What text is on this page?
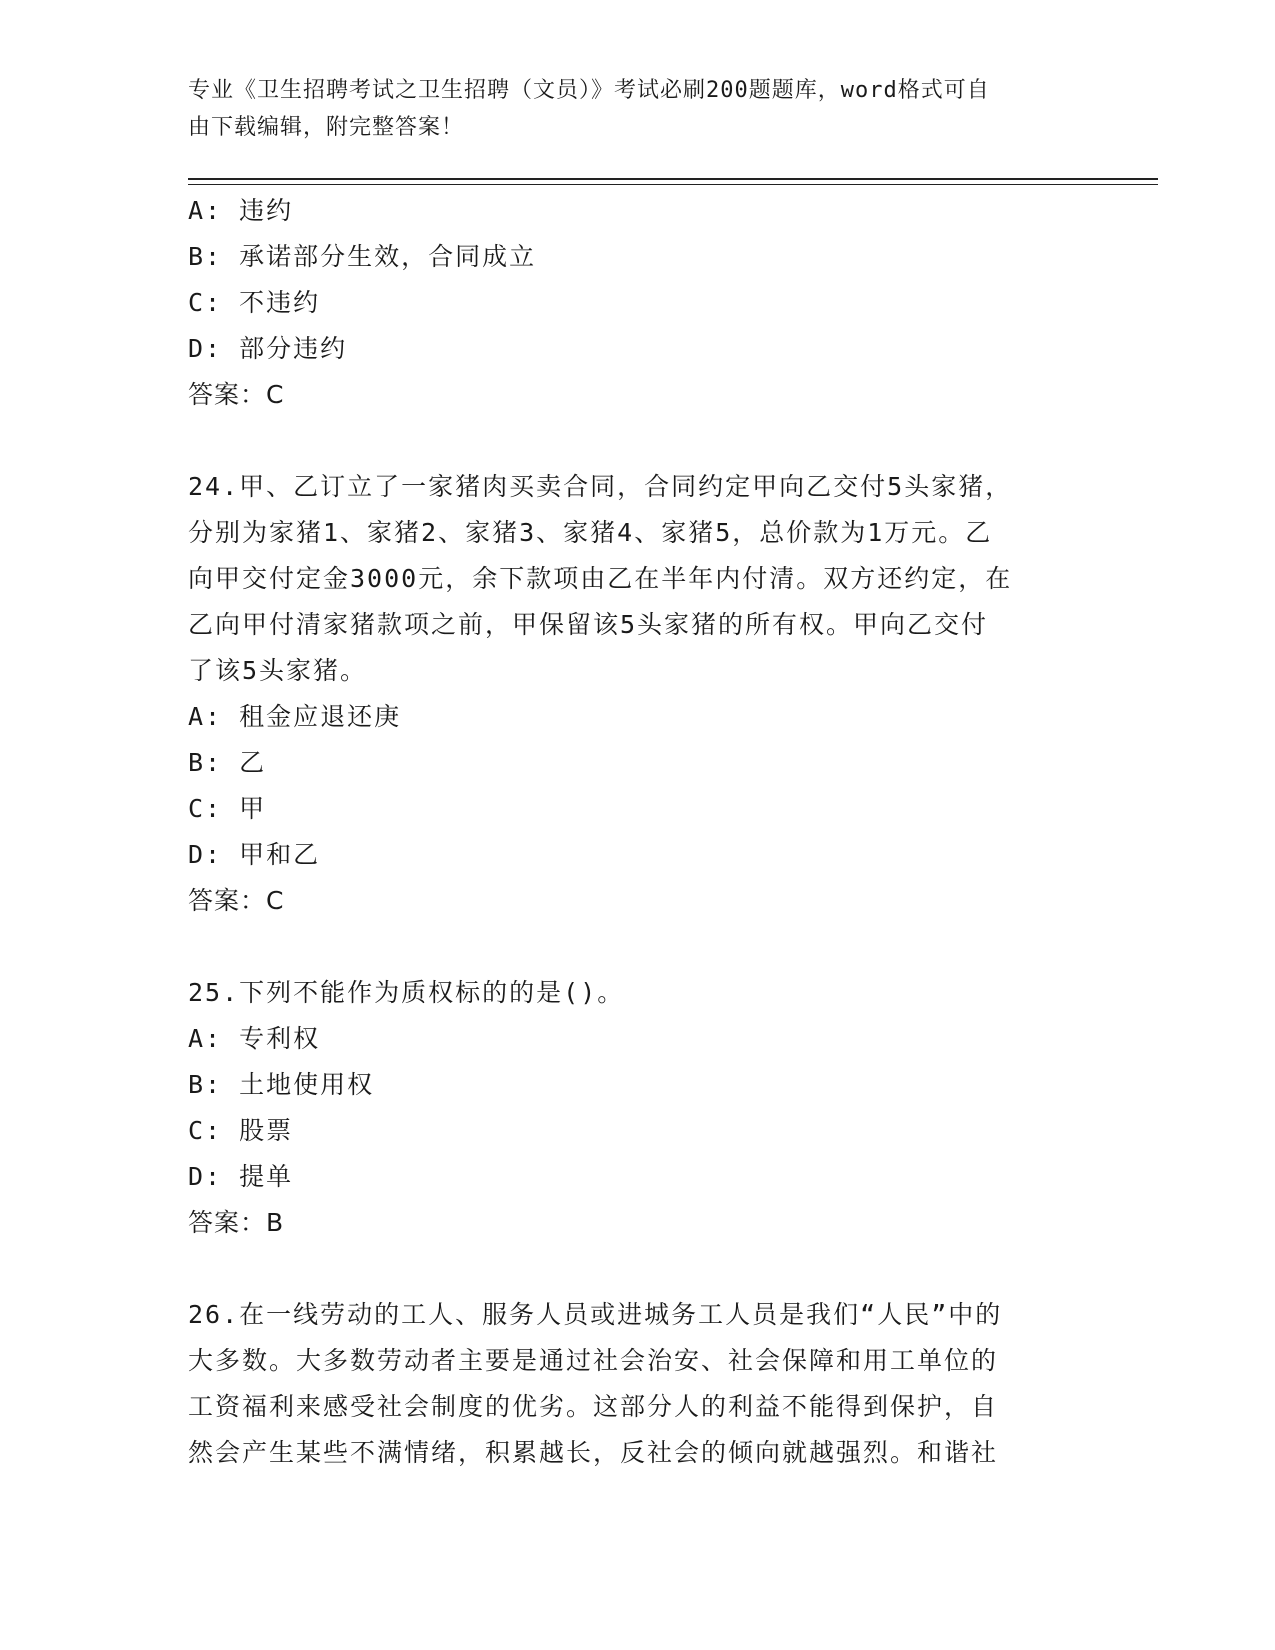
专业《卫生招聘考试之卫生招聘（文员）》考试必刷200题题库，word格式可自
由下载编辑，附完整答案！
A: 违约
B: 承诺部分生效，合同成立
C: 不违约
D: 部分违约
答案：C
24.甲、乙订立了一家猪肉买卖合同，合同约定甲向乙交付5头家猪，
分别为家猪1、家猪2、家猪3、家猪4、家猪5，总价款为1万元。乙
向甲交付定金3000元，余下款项由乙在半年内付清。双方还约定，在
乙向甲付清家猪款项之前，甲保留该5头家猪的所有权。甲向乙交付
了该5头家猪。
A: 租金应退还庚
B: 乙
C: 甲
D: 甲和乙
答案：C
25.下列不能作为质权标的的是()。
A: 专利权
B: 土地使用权
C: 股票
D: 提单
答案：B
26.在一线劳动的工人、服务人员或进城务工人员是我们“人民”中的
大多数。大多数劳动者主要是通过社会治安、社会保障和用工单位的
工资福利来感受社会制度的优劣。这部分人的利益不能得到保护，自
然会产生某些不满情绪，积累越长，反社会的倾向就越强烈。和谐社
